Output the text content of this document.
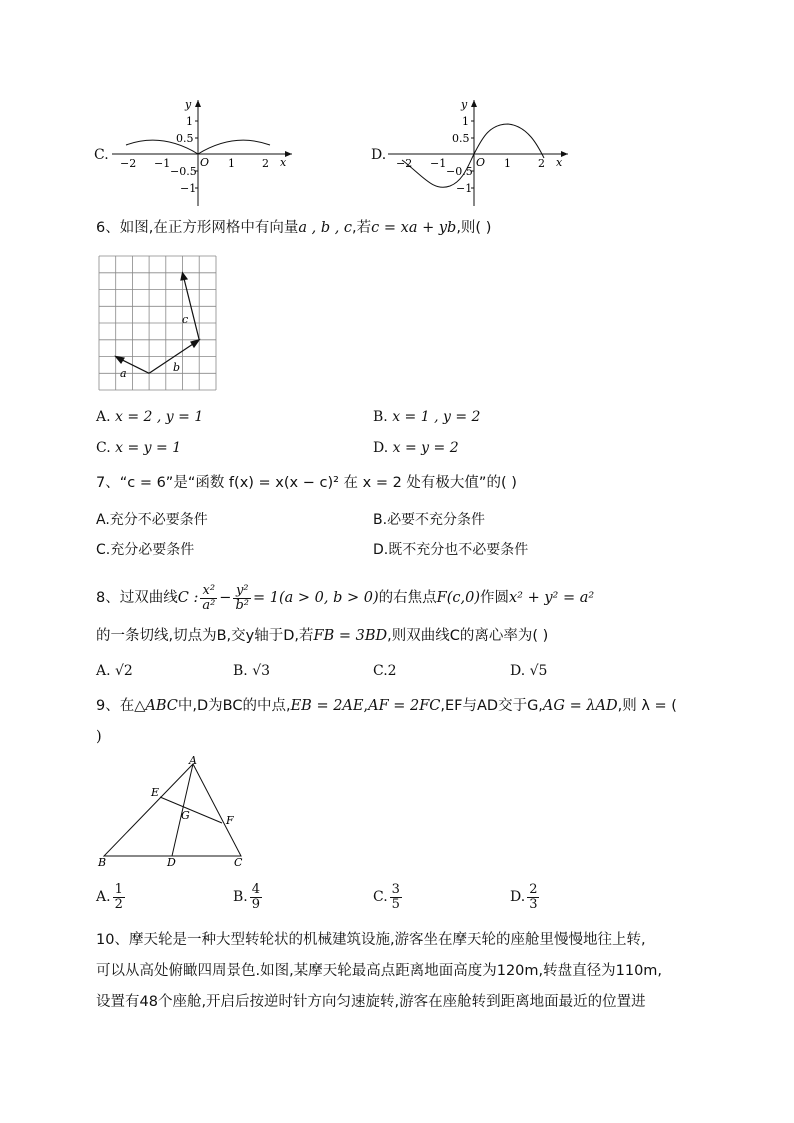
C.
−2 −1	O 1 2 x
y
1
0.5
−0.5
−1
D.
−2 −1	O 1 2 x
y
1
0.5
−0.5
−1
6、如图,在正方形网格中有向量a , b , c,若c = xa + yb,则( )
a	b
c
A. x = 2 , y = 1	B. x = 1 , y = 2
C. x = y = 1	D. x = y = 2
7、“c = 6”是“函数 f(x) = x(x − c)² 在 x = 2 处有极大值”的( )
A.充分不必要条件	B.必要不充分条件
C.充分必要条件	D.既不充分也不必要条件
8、过双曲线C : $\frac{\text{x²}}{\text{a²}} - \frac{\text{y²}}{\text{b²}} = 1(a > 0$, b > 0)的右焦点F(c,0)作圆x² + y² = a²
的一条切线,切点为B,交y轴于D,若FB = 3BD,则双曲线C的离心率为( )
A. √2	B. √3	C.2	D. √5
9、在△ABC中,D为BC的中点,EB = 2AE,AF = 2FC,EF与AD交于G,AG = λAD,则 λ = (
)
A
B	C
D
E
F
G
A. $\frac{1}{2}$	B. $\frac{4}{9}$	C. $\frac{3}{5}$	D. $\frac{2}{3}$
10、摩天轮是一种大型转轮状的机械建筑设施,游客坐在摩天轮的座舱里慢慢地往上转,
可以从高处俯瞰四周景色.如图,某摩天轮最高点距离地面高度为120m,转盘直径为110m,
设置有48个座舱,开启后按逆时针方向匀速旋转,游客在座舱转到距离地面最近的位置进
